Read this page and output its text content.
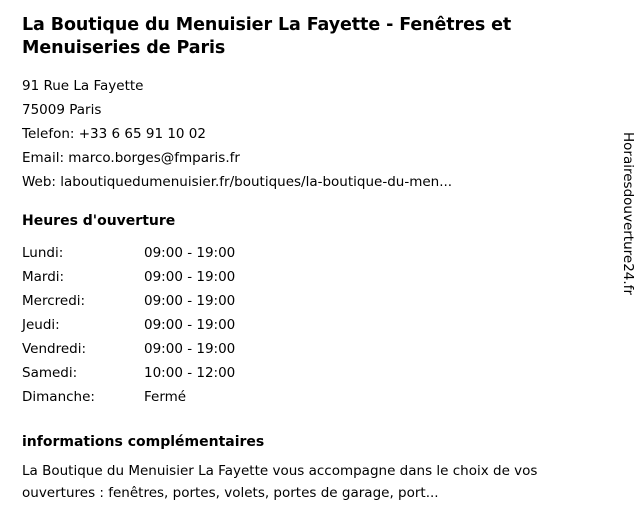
La Boutique du Menuisier La Fayette - Fenêtres et Menuiseries de Paris
91 Rue La Fayette
75009 Paris
Telefon: +33 6 65 91 10 02
Email: marco.borges@fmparis.fr
Web: laboutiquedumenuisier.fr/boutiques/la-boutique-du-men...
Heures d'ouverture
Lundi:	09:00 - 19:00
Mardi:	09:00 - 19:00
Mercredi:	09:00 - 19:00
Jeudi:	09:00 - 19:00
Vendredi:	09:00 - 19:00
Samedi:	10:00 - 12:00
Dimanche:	Fermé
informations complémentaires
La Boutique du Menuisier La Fayette vous accompagne dans le choix de vos ouvertures : fenêtres, portes, volets, portes de garage, port...
Horairesdouverture24.fr
